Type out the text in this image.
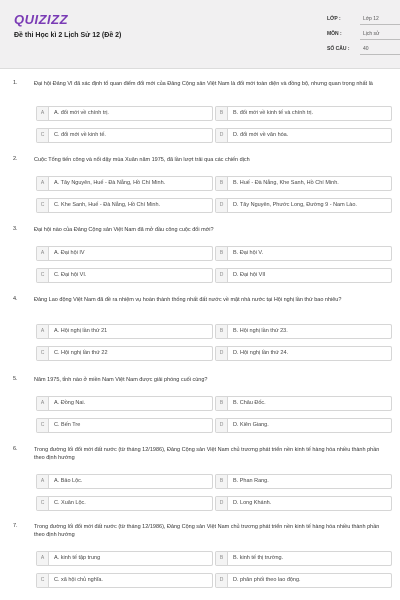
QUIZIZZ
Đề thi Học kì 2 Lịch Sử 12 (Đề 2)
LỚP :	Lớp 12
MÔN :	Lịch sử
SỐ CÂU :	40
1.	Đại hội Đảng VI đã xác định tổ quan điểm đổi mới của Đảng Cộng sản Việt Nam là đổi mới toàn diện và đồng bộ, nhưng quan trọng nhất là
A	A. đổi mới về chính trị.	B	B. đổi mới về kinh tế và chính trị.
C	C. đổi mới về kinh tế.	D	D. đổi mới về văn hóa.
2.	Cuộc Tổng tiến công và nổi dậy mùa Xuân năm 1975, đã lần lượt trải qua các chiến dịch
A	A. Tây Nguyên, Huế - Đà Nẵng, Hồ Chí Minh.	B	B. Huế - Đà Nẵng, Khe Sanh, Hồ Chí Minh.
C	C. Khe Sanh, Huế - Đà Nẵng, Hồ Chí Minh.	D	D. Tây Nguyên, Phước Long, Đường 9 - Nam Lào.
3.	Đại hội nào của Đảng Cộng sản Việt Nam đã mở đầu công cuộc đổi mới?
A	A. Đại hội IV	B	B. Đại hội V.
C	C. Đại hội VI.	D	D. Đại hội VII
4.	Đảng Lao động Việt Nam đã đề ra nhiệm vụ hoàn thành thống nhất đất nước về mặt nhà nước tại Hội nghị lần thứ bao nhiêu?
A	A. Hội nghị lần thứ 21	B	B. Hội nghị lần thứ 23.
C	C. Hội nghị lần thứ 22	D	D. Hội nghị lần thứ 24.
5.	Năm 1975, tỉnh nào ở miền Nam Việt Nam được giải phóng cuối cùng?
A	A. Đồng Nai.	B	B. Châu Đốc.
C	C. Bến Tre	D	D. Kiên Giang.
6.	Trong đường lối đổi mới đất nước (từ tháng 12/1986), Đảng Cộng sản Việt Nam chủ trương phát triển nền kinh tế hàng hóa nhiều thành phần theo định hướng
A	A. Bảo Lộc.	B	B. Phan Rang.
C	C. Xuân Lộc.	D	D. Long Khánh.
7.	Trong đường lối đổi mới đất nước (từ tháng 12/1986), Đảng Cộng sản Việt Nam chủ trương phát triển nền kinh tế hàng hóa nhiều thành phần theo định hướng
A	A. kinh tế tập trung	B	B. kinh tế thị trường.
C	C. xã hội chủ nghĩa.	D	D. phân phối theo lao động.
